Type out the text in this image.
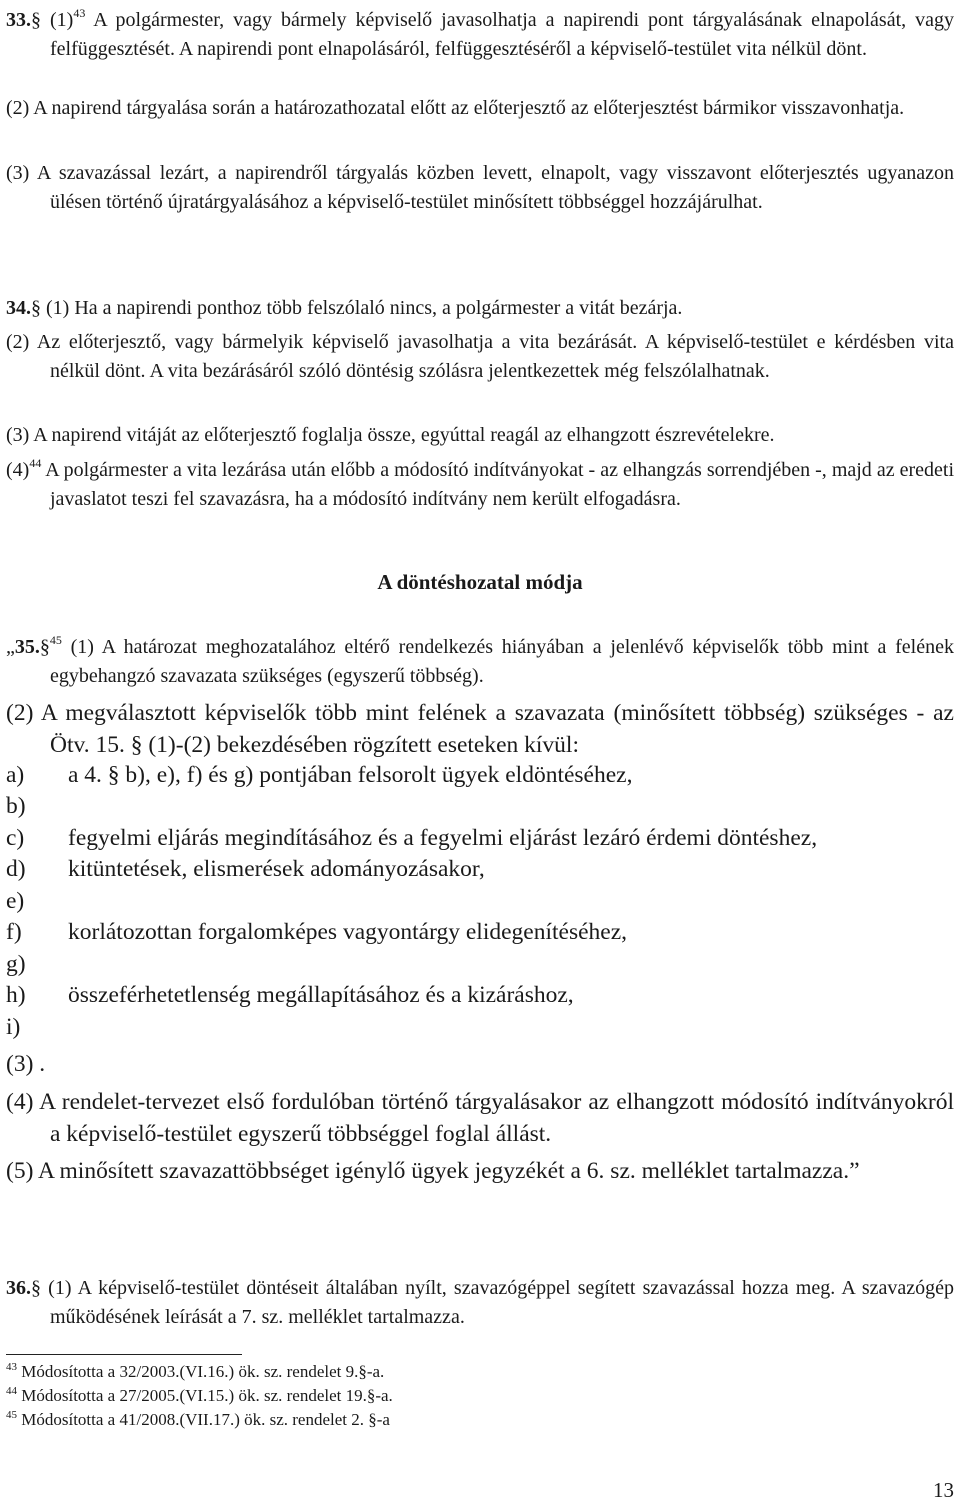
33.§ $(1)^{43}$ A polgármester, vagy bármely képviselő javasolhatja a napirendi pont tárgyalásának elnapolását, vagy felfüggesztését. A napirendi pont elnapolásáról, felfüggesztéséről a képviselő-testület vita nélkül dönt.

(2) A napirend tárgyalása során a határozathozatal előtt az előterjesztő az előterjesztést bármikor visszavonhatja.

(3) A szavazással lezárt, a napirendről tárgyalás közben levett, elnapolt, vagy visszavont előterjesztés ugyanazon ülésen történő újratárgyalásához a képviselő-testület minősített többséggel hozzájárulhat.

34.§ (1) Ha a napirendi ponthoz több felszólaló nincs, a polgármester a vitát bezárja.

(2) Az előterjesztő, vagy bármelyik képviselő javasolhatja a vita bezárását. A képviselő-testület e kérdésben vita nélkül dönt. A vita bezárásáról szóló döntésig szólásra jelentkezettek még felszólalhatnak.

(3) A napirend vitáját az előterjesztő foglalja össze, egyúttal reagál az elhangzott észrevételekre.

$(4)^{44}$ A polgármester a vita lezárása után előbb a módosító indítványokat - az elhangzás sorrendjében -, majd az eredeti javaslatot teszi fel szavazásra, ha a módosító indítvány nem került elfogadásra.

A döntéshozatal módja

„35.§$^{45}$ (1) A határozat meghozatalához eltérő rendelkezés hiányában a jelenlévő képviselők több mint a felének egybehangzó szavazata szükséges (egyszerű többség).

(2) A megválasztott képviselők több mint felének a szavazata (minősített többség) szükséges - az Ötv. 15. § (1)-(2) bekezdésében rögzített eseteken kívül:

a) a 4. § b), e), f) és g) pontjában felsorolt ügyek eldöntéséhez,
b)
c) fegyelmi eljárás megindításához és a fegyelmi eljárást lezáró érdemi döntéshez,
d) kitüntetések, elismerések adományozásakor,
e)
f) korlátozottan forgalomképes vagyontárgy elidegenítéséhez,
g)
h) összeférhetetlenség megállapításához és a kizáráshoz,
i)

(3) .

(4) A rendelet-tervezet első fordulóban történő tárgyalásakor az elhangzott módosító indítványokról a képviselő-testület egyszerű többséggel foglal állást.

(5) A minősített szavazattöbbséget igénylő ügyek jegyzékét a 6. sz. melléklet tartalmazza.”

36.§ (1) A képviselő-testület döntéseit általában nyílt, szavazógéppel segített szavazással hozza meg. A szavazógép működésének leírását a 7. sz. melléklet tartalmazza.

$^{43}$ Módosította a 32/2003.(VI.16.) ök. sz. rendelet 9.§-a.
$^{44}$ Módosította a 27/2005.(VI.15.) ök. sz. rendelet 19.§-a.
$^{45}$ Módosította a 41/2008.(VII.17.) ök. sz. rendelet 2. §-a
13
